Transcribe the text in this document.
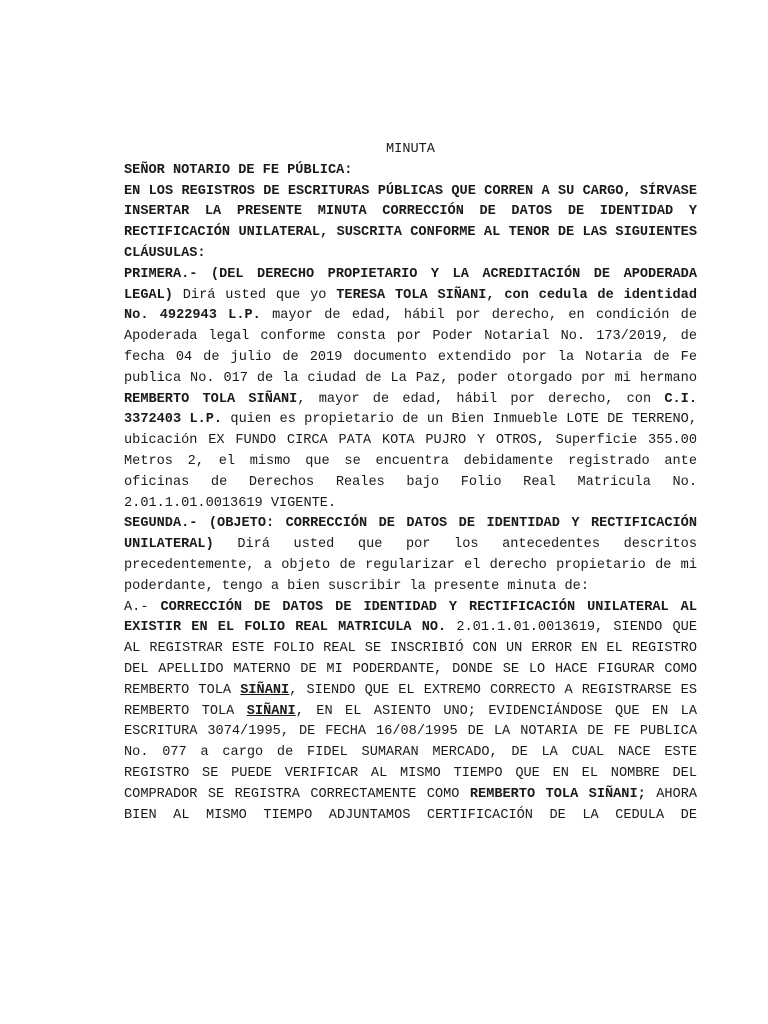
MINUTA

SEÑOR NOTARIO DE FE PÚBLICA:

EN LOS REGISTROS DE ESCRITURAS PÚBLICAS QUE CORREN A SU CARGO, SÍRVASE INSERTAR LA PRESENTE MINUTA CORRECCIÓN DE DATOS DE IDENTIDAD Y RECTIFICACIÓN UNILATERAL, SUSCRITA CONFORME AL TENOR DE LAS SIGUIENTES CLÁUSULAS:

PRIMERA.- (DEL DERECHO PROPIETARIO Y LA ACREDITACIÓN DE APODERADA LEGAL) Dirá usted que yo TERESA TOLA SIÑANI, con cedula de identidad No. 4922943 L.P. mayor de edad, hábil por derecho, en condición de Apoderada legal conforme consta por Poder Notarial No. 173/2019, de fecha 04 de julio de 2019 documento extendido por la Notaria de Fe publica No. 017 de la ciudad de La Paz, poder otorgado por mi hermano REMBERTO TOLA SIÑANI, mayor de edad, hábil por derecho, con C.I. 3372403 L.P. quien es propietario de un Bien Inmueble LOTE DE TERRENO, ubicación EX FUNDO CIRCA PATA KOTA PUJRO Y OTROS, Superficie 355.00 Metros 2, el mismo que se encuentra debidamente registrado ante oficinas de Derechos Reales bajo Folio Real Matricula No. 2.01.1.01.0013619 VIGENTE.

SEGUNDA.- (OBJETO: CORRECCIÓN DE DATOS DE IDENTIDAD Y RECTIFICACIÓN UNILATERAL) Dirá usted que por los antecedentes descritos precedentemente, a objeto de regularizar el derecho propietario de mi poderdante, tengo a bien suscribir la presente minuta de:

A.- CORRECCIÓN DE DATOS DE IDENTIDAD Y RECTIFICACIÓN UNILATERAL AL EXISTIR EN EL FOLIO REAL MATRICULA NO. 2.01.1.01.0013619, SIENDO QUE AL REGISTRAR ESTE FOLIO REAL SE INSCRIBIÓ CON UN ERROR EN EL REGISTRO DEL APELLIDO MATERNO DE MI PODERDANTE, DONDE SE LO HACE FIGURAR COMO REMBERTO TOLA SIÑANI, SIENDO QUE EL EXTREMO CORRECTO A REGISTRARSE ES REMBERTO TOLA SIÑANI, EN EL ASIENTO UNO; EVIDENCIÁNDOSE QUE EN LA ESCRITURA 3074/1995, DE FECHA 16/08/1995 DE LA NOTARIA DE FE PUBLICA No. 077 a cargo de FIDEL SUMARAN MERCADO, DE LA CUAL NACE ESTE REGISTRO SE PUEDE VERIFICAR AL MISMO TIEMPO QUE EN EL NOMBRE DEL COMPRADOR SE REGISTRA CORRECTAMENTE COMO REMBERTO TOLA SIÑANI; AHORA BIEN AL MISMO TIEMPO ADJUNTAMOS CERTIFICACIÓN DE LA CEDULA DE
